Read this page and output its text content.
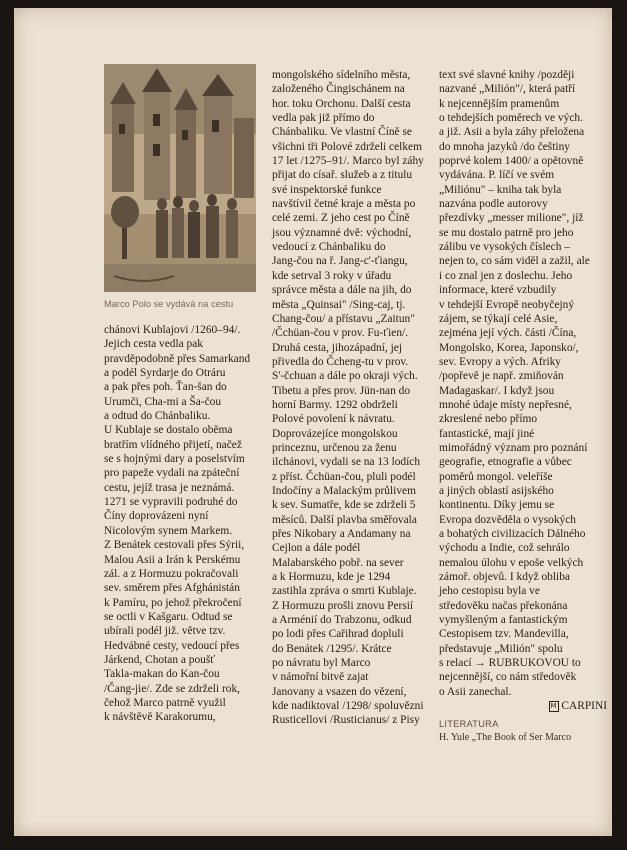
Marco Polo se vydává na cestu

chánovi Kublajovi /1260–94/.

Jejich cesta vedla pak

pravděpodobně přes Samarkand

a podél Syrdarje do Otráru

a pak přes poh. Ťan-šan do

Urumči, Cha-mi a Ša-čou

a odtud do Chánbaliku.

U Kublaje se dostalo oběma

bratřím vlídného přijetí, načež

se s hojnými dary a poselstvím

pro papeže vydali na zpáteční

cestu, jejíž trasa je neznámá.

1271 se vypravili podruhé do

Číny doprovázeni nyní

Nicolovým synem Markem.

Z Benátek cestovali přes Sýrii,

Malou Asii a Irán k Perskému

zál. a z Hormuzu pokračovali

sev. směrem přes Afghánistán

k Pamíru, po jehož překročení

se octli v Kašgaru. Odtud se

ubírali podél již. větve tzv.

Hedvábné cesty, vedoucí přes

Járkend, Chotan a poušť

Takla-makan do Kan-čou

/Čang-jie/. Zde se zdrželi rok,

čehož Marco patrně využil

k návštěvě Karakorumu,

mongolského sídelního města,

založeného Čingischánem na

hor. toku Orchonu. Další cesta

vedla pak již přímo do

Chánbaliku. Ve vlastní Číně se

všichni tři Polové zdrželi celkem

17 let /1275–91/. Marco byl záhy

přijat do císař. služeb a z titulu

své inspektorské funkce

navštívil četné kraje a města po

celé zemi. Z jeho cest po Číně

jsou významné dvě: východní,

vedoucí z Chánbaliku do

Jang-čou na ř. Jang-c'-ťiangu,

kde setrval 3 roky v úřadu

správce města a dále na jih, do

města „Quinsai" /Sing-caj, tj.

Chang-čou/ a přístavu „Zaitun"

/Čchüan-čou v prov. Fu-ťien/.

Druhá cesta, jihozápadní, jej

přivedla do Čcheng-tu v prov.

S'-čchuan a dále po okraji vých.

Tibetu a přes prov. Jün-nan do

horní Barmy. 1292 obdrželi

Polové povolení k návratu.

Doprovázejíce mongolskou

princeznu, určenou za ženu

ilchánovi, vydali se na 13 lodích

z příst. Čchüan-čou, pluli podél

Indočíny a Malackým průlivem

k sev. Sumatře, kde se zdrželi 5

měsíců. Další plavba směřovala

přes Nikobary a Andamany na

Cejlon a dále podél

Malabarského pobř. na sever

a k Hormuzu, kde je 1294

zastihla zpráva o smrti Kublaje.

Z Hormuzu prošli znovu Persií

a Arménií do Trabzonu, odkud

po lodi přes Cařihrad dopluli

do Benátek /1295/. Krátce

po návratu byl Marco

v námořní bitvě zajat

Janovany a vsazen do vězení,

kde nadiktoval /1298/ spoluvězni

Rusticellovi /Rusticianus/ z Pisy

text své slavné knihy /později

nazvané „Milión"/, která patří

k nejcennějším pramenům

o tehdejších poměrech ve vých.

a již. Asii a byla záhy přeložena

do mnoha jazyků /do češtiny

poprvé kolem 1400/ a opětovně

vydávána. P. líčí ve svém

„Miliónu" – kniha tak byla

nazvána podle autorovy

přezdívky „messer milione", jíž

se mu dostalo patrně pro jeho

zálibu ve vysokých číslech –

nejen to, co sám viděl a zažil, ale

i co znal jen z doslechu. Jeho

informace, které vzbudily

v tehdejší Evropě neobyčejný

zájem, se týkají celé Asie,

zejména její vých. části /Čína,

Mongolsko, Korea, Japonsko/,

sev. Evropy a vých. Afriky

/popřevě je např. zmiňován

Madagaskar/. I když jsou

mnohé údaje místy nepřesné,

zkreslené nebo přímo

fantastické, mají jiné

mimořádný význam pro poznání

geografie, etnografie a vůbec

poměrů mongol. veleříše

a jiných oblastí asijského

kontinentu. Díky jemu se

Evropa dozvěděla o vysokých

a bohatých civilizacích Dálného

východu a Indie, což sehrálo

nemalou úlohu v epoše velkých

zámoř. objevů. I když obliba

jeho cestopisu byla ve

středověku načas překonána

vymyšleným a fantastickým

Cestopisem tzv. Mandevilla,

představuje „Milión" spolu

s relací → RUBRUKOVOU to

nejcennější, co nám středověk

o Asii zanechal.

M CARPINI
LITERATURA
H. Yule „The Book of Ser Marco
